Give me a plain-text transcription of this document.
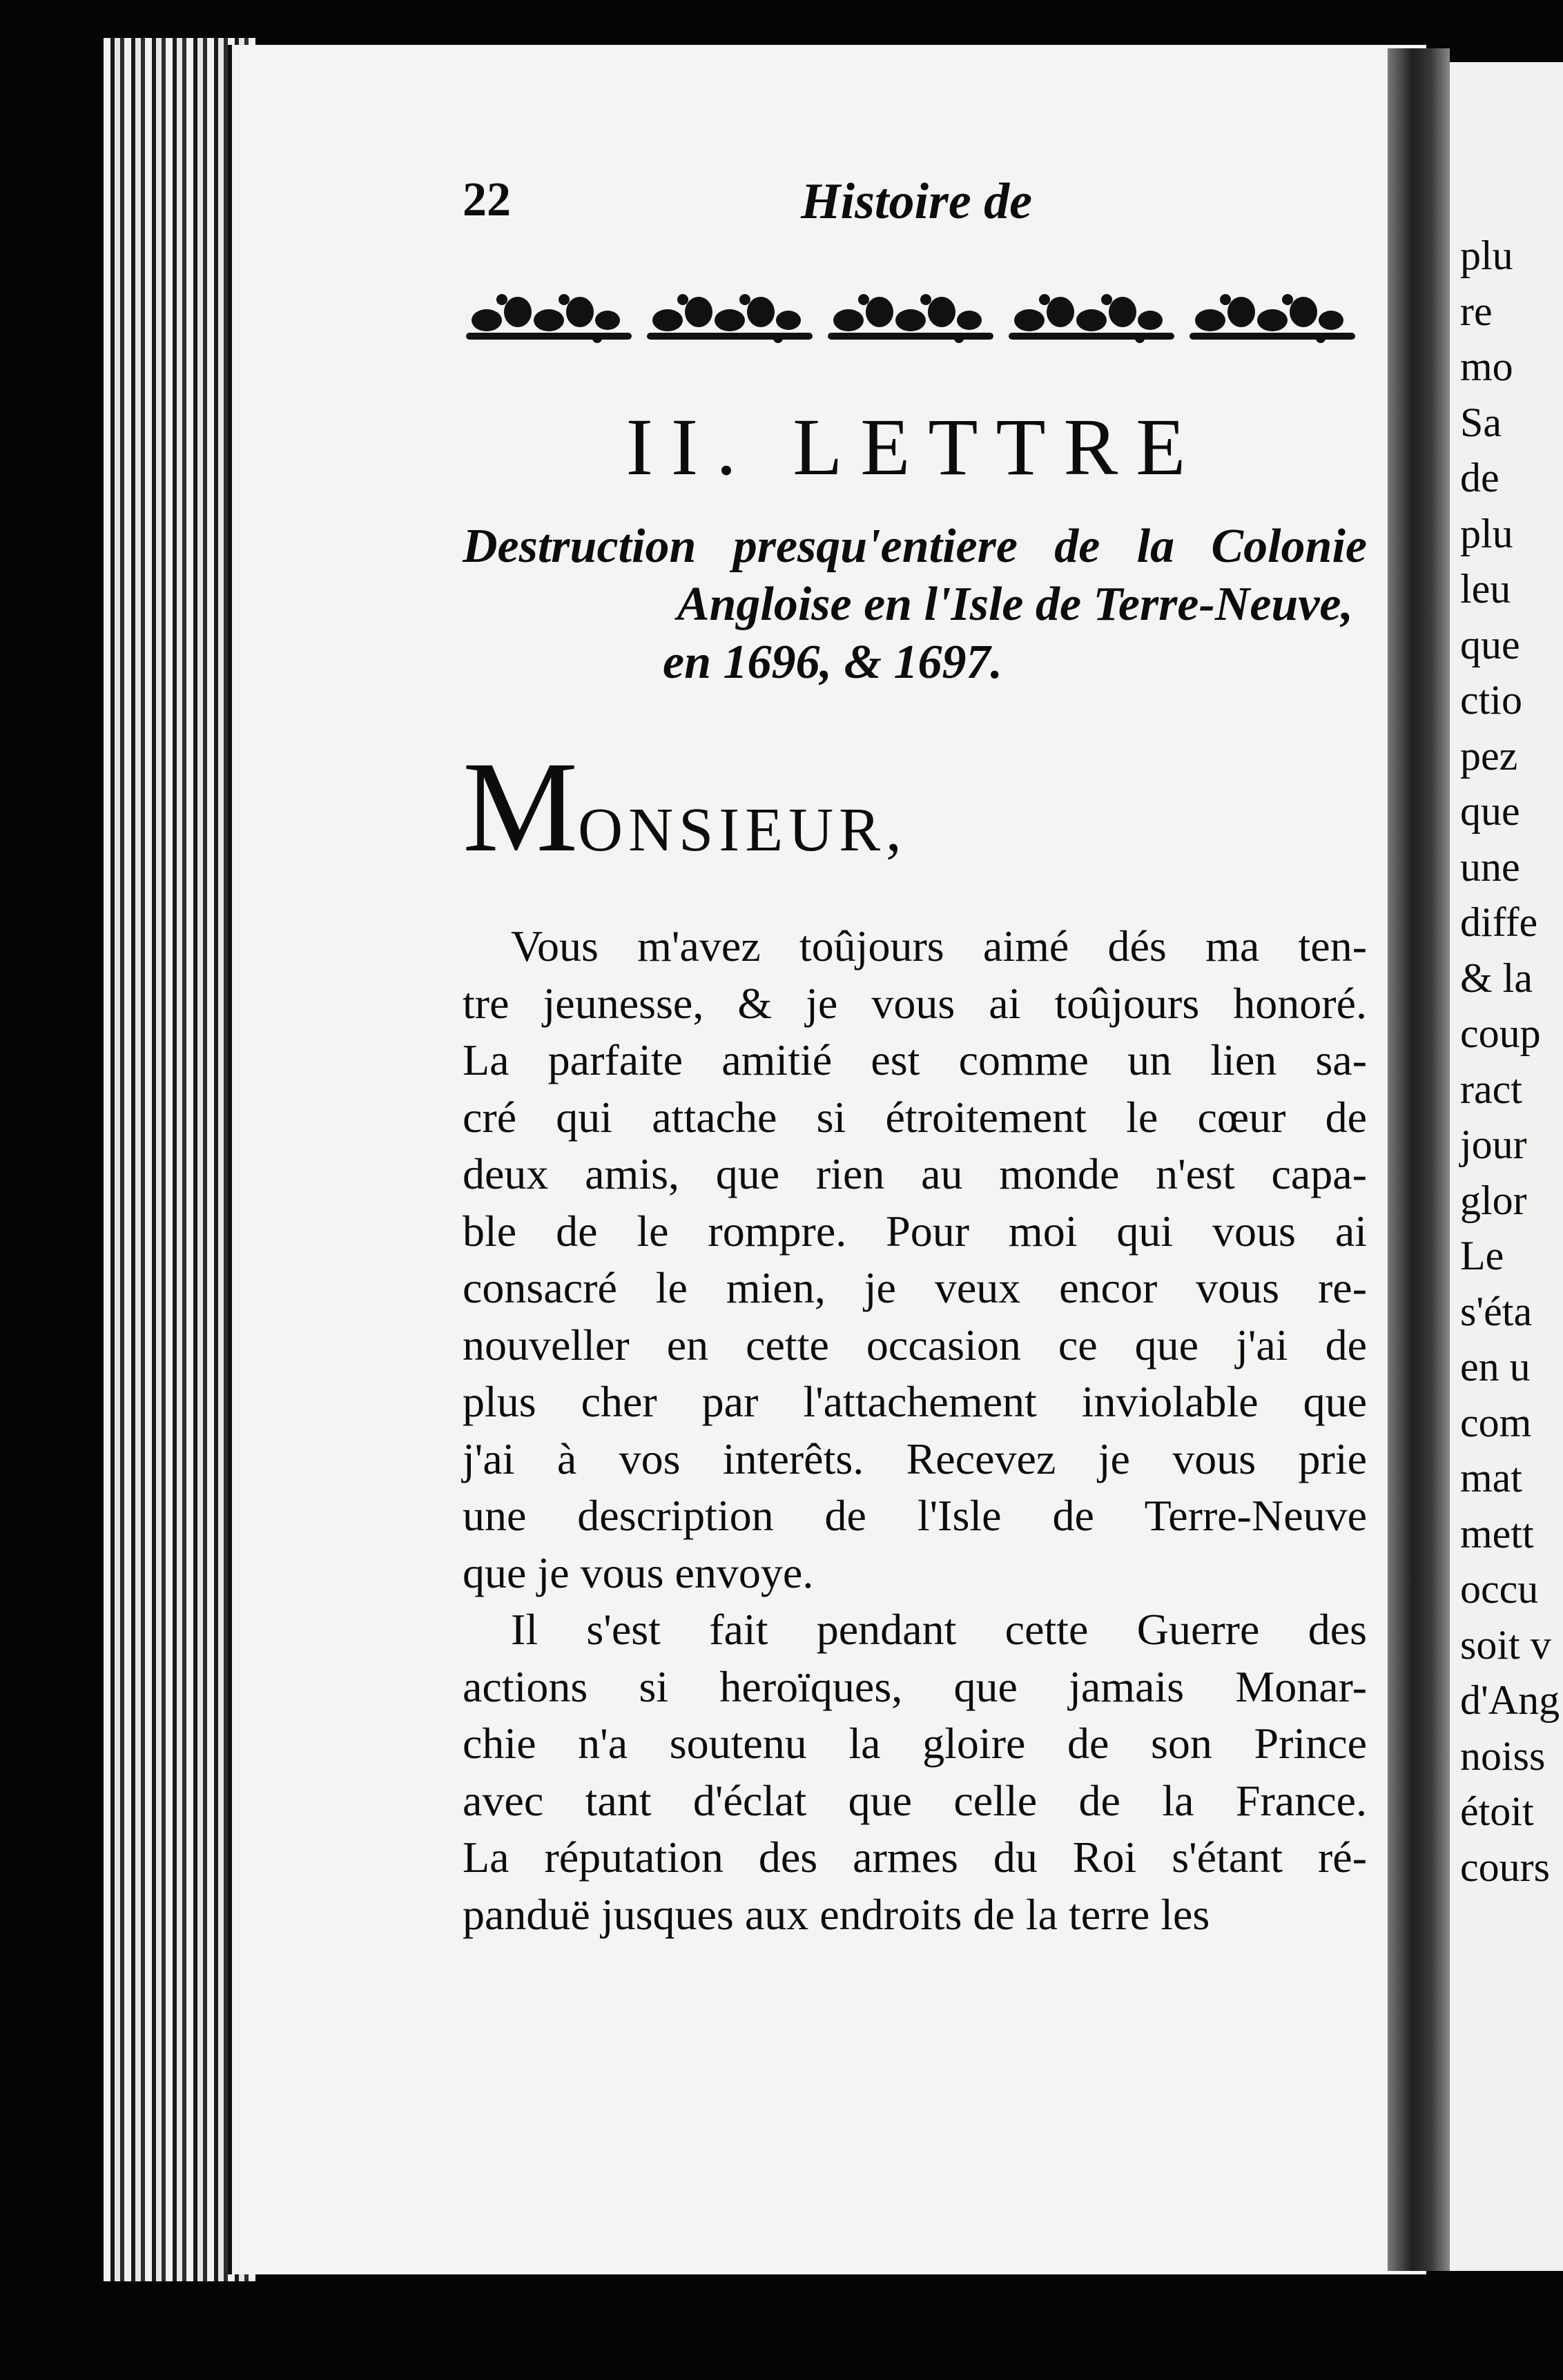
22	Histoire de
II. LETTRE
Destruction presqu'entiere de la Colonie
Angloise en l'Isle de Terre-Neuve,
en 1696, & 1697.
MONSIEUR,
Vous m'avez toûjours aimé dés ma ten-
tre jeunesse, & je vous ai toûjours honoré.
La parfaite amitié est comme un lien sa-
cré qui attache si étroitement le cœur de
deux amis, que rien au monde n'est capa-
ble de le rompre. Pour moi qui vous ai
consacré le mien, je veux encor vous re-
nouveller en cette occasion ce que j'ai de
plus cher par l'attachement inviolable que
j'ai à vos interêts. Recevez je vous prie
une description de l'Isle de Terre-Neuve
que je vous envoye.
Il s'est fait pendant cette Guerre des
actions si heroïques, que jamais Monar-
chie n'a soutenu la gloire de son Prince
avec tant d'éclat que celle de la France.
La réputation des armes du Roi s'étant ré-
panduë jusques aux endroits de la terre les
plu
re
mo
Sa
de
plu
leu
que
ctio
pez
que
une
diffe
& la
coup
ract
jour
glor
Le
s'éta
en u
com
mat
mett
occu
soit v
d'Ang
noiss
étoit
cours
